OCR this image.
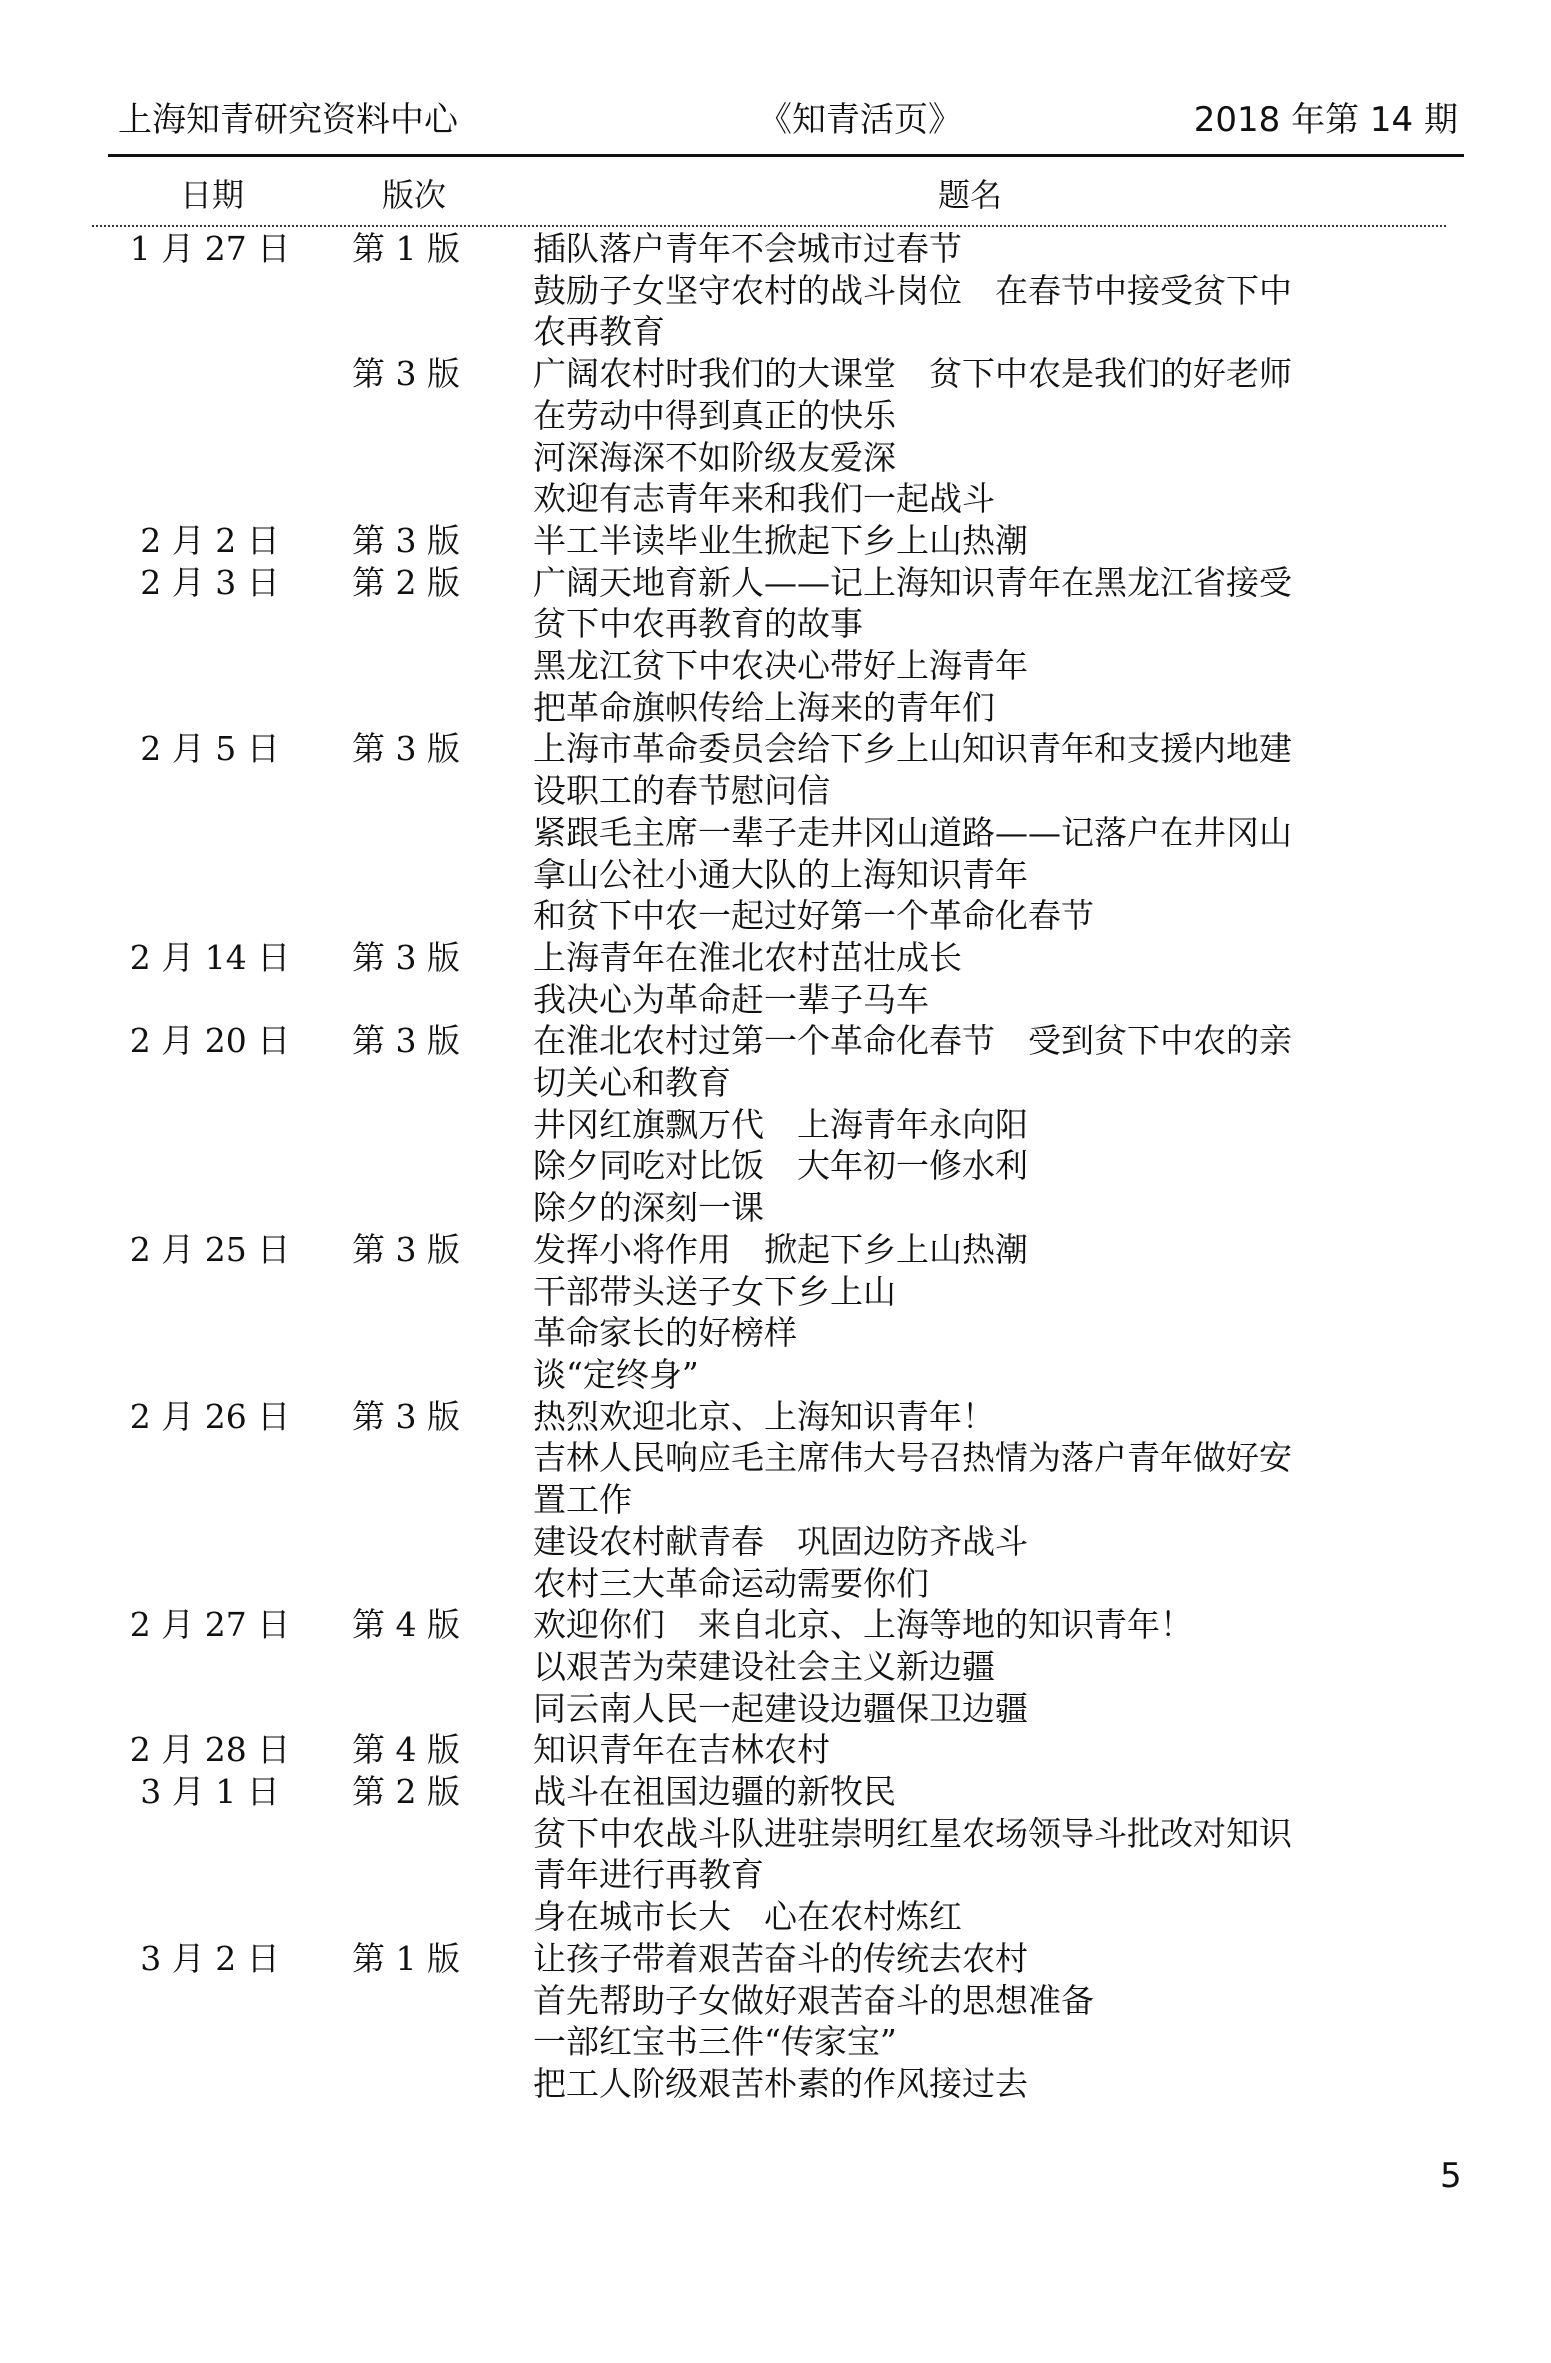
上海知青研究资料中心	《知青活页》	2018 年第 14 期
日期	版次	题名
1 月 27 日	第 1 版 插队落户青年不会城市过春节
鼓励子女坚守农村的战斗岗位　在春节中接受贫下中
农再教育
第 3 版 广阔农村时我们的大课堂　贫下中农是我们的好老师
在劳动中得到真正的快乐
河深海深不如阶级友爱深
欢迎有志青年来和我们一起战斗
2 月 2 日	第 3 版 半工半读毕业生掀起下乡上山热潮
2 月 3 日	第 2 版 广阔天地育新人——记上海知识青年在黑龙江省接受
贫下中农再教育的故事
黑龙江贫下中农决心带好上海青年
把革命旗帜传给上海来的青年们
2 月 5 日	第 3 版 上海市革命委员会给下乡上山知识青年和支援内地建
设职工的春节慰问信
紧跟毛主席一辈子走井冈山道路——记落户在井冈山
拿山公社小通大队的上海知识青年
和贫下中农一起过好第一个革命化春节
2 月 14 日	第 3 版 上海青年在淮北农村茁壮成长
我决心为革命赶一辈子马车
2 月 20 日	第 3 版 在淮北农村过第一个革命化春节　受到贫下中农的亲
切关心和教育
井冈红旗飘万代　上海青年永向阳
除夕同吃对比饭　大年初一修水利
除夕的深刻一课
2 月 25 日	第 3 版 发挥小将作用　掀起下乡上山热潮
干部带头送子女下乡上山
革命家长的好榜样
谈“定终身”
2 月 26 日	第 3 版 热烈欢迎北京、上海知识青年！
吉林人民响应毛主席伟大号召热情为落户青年做好安
置工作
建设农村献青春　巩固边防齐战斗
农村三大革命运动需要你们
2 月 27 日	第 4 版 欢迎你们　来自北京、上海等地的知识青年！
以艰苦为荣建设社会主义新边疆
同云南人民一起建设边疆保卫边疆
2 月 28 日	第 4 版 知识青年在吉林农村
3 月 1 日	第 2 版 战斗在祖国边疆的新牧民
贫下中农战斗队进驻崇明红星农场领导斗批改对知识
青年进行再教育
身在城市长大　心在农村炼红
3 月 2 日	第 1 版 让孩子带着艰苦奋斗的传统去农村
首先帮助子女做好艰苦奋斗的思想准备
一部红宝书三件“传家宝”
把工人阶级艰苦朴素的作风接过去
5
